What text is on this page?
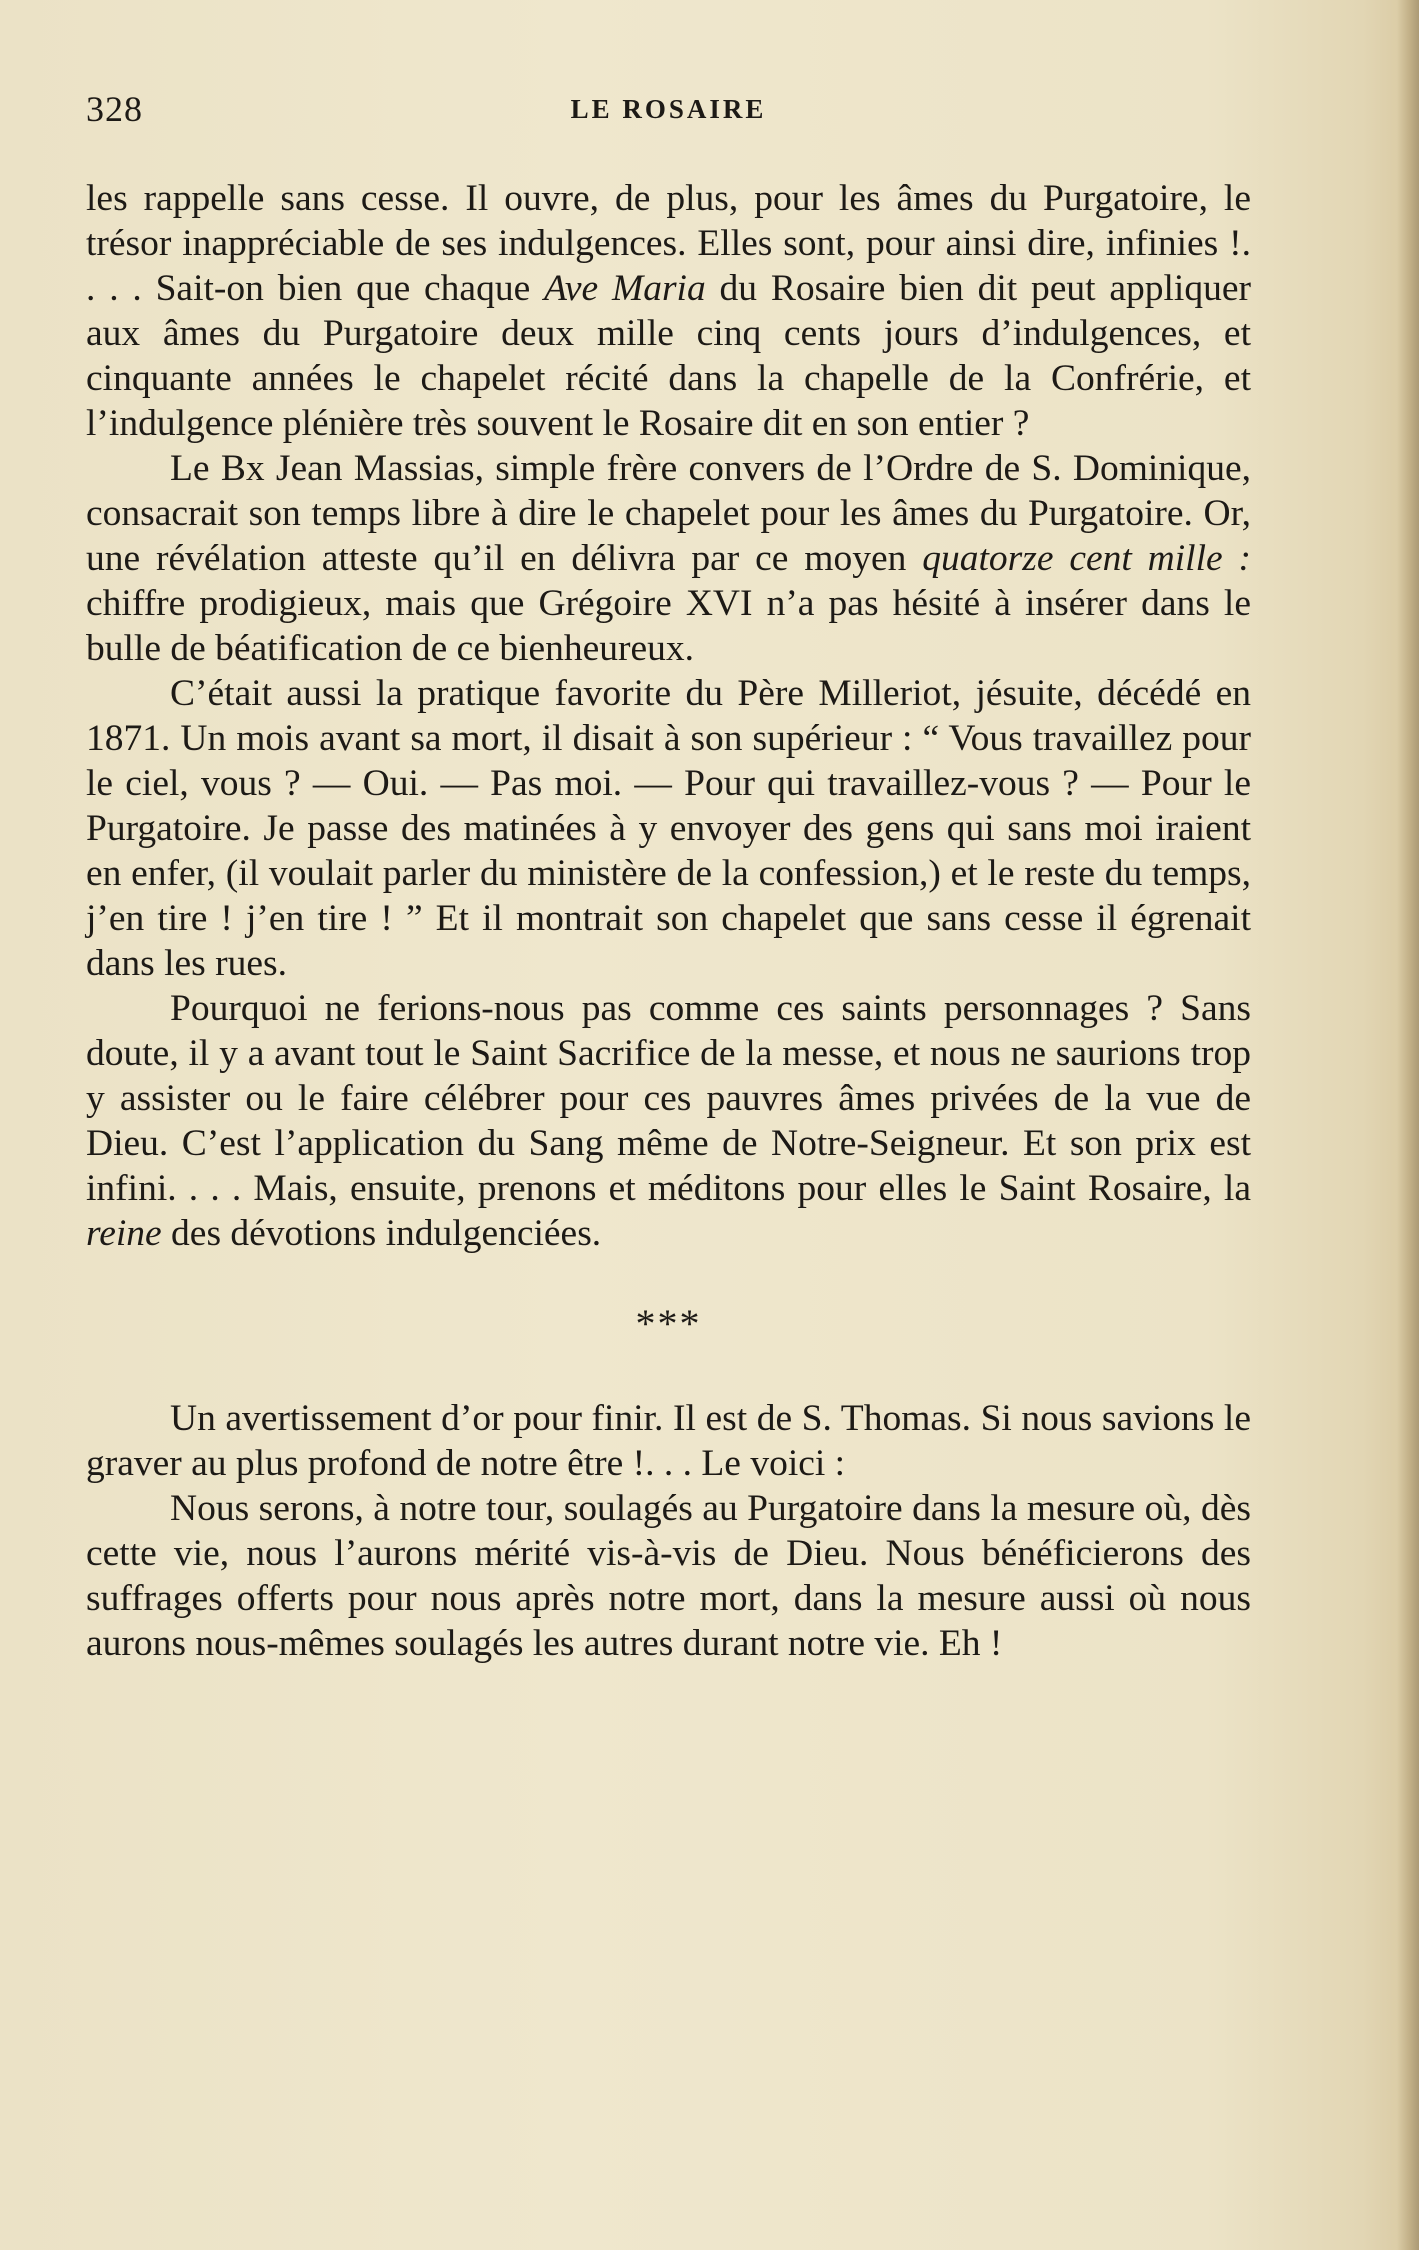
328	LE ROSAIRE

les rappelle sans cesse. Il ouvre, de plus, pour les âmes du Purgatoire, le trésor inappréciable de ses indulgences. Elles sont, pour ainsi dire, infinies !. . . . Sait-on bien que chaque Ave Maria du Rosaire bien dit peut appliquer aux âmes du Purgatoire deux mille cinq cents jours d’indulgences, et cinquante années le chapelet récité dans la chapelle de la Confrérie, et l’indulgence plénière très souvent le Rosaire dit en son entier ?

Le Bx Jean Massias, simple frère convers de l’Ordre de S. Dominique, consacrait son temps libre à dire le chapelet pour les âmes du Purgatoire. Or, une révélation atteste qu’il en délivra par ce moyen quatorze cent mille : chiffre prodigieux, mais que Grégoire XVI n’a pas hésité à insérer dans le bulle de béatification de ce bienheureux.

C’était aussi la pratique favorite du Père Milleriot, jésuite, décédé en 1871. Un mois avant sa mort, il disait à son supérieur : “ Vous travaillez pour le ciel, vous ? — Oui. — Pas moi. — Pour qui travaillez-vous ? — Pour le Purgatoire. Je passe des matinées à y envoyer des gens qui sans moi iraient en enfer, (il voulait parler du ministère de la confession,) et le reste du temps, j’en tire ! j’en tire ! ” Et il montrait son chapelet que sans cesse il égrenait dans les rues.

Pourquoi ne ferions-nous pas comme ces saints personnages ? Sans doute, il y a avant tout le Saint Sacrifice de la messe, et nous ne saurions trop y assister ou le faire célébrer pour ces pauvres âmes privées de la vue de Dieu. C’est l’application du Sang même de Notre-Seigneur. Et son prix est infini. . . . Mais, ensuite, prenons et méditons pour elles le Saint Rosaire, la reine des dévotions indulgenciées.

***

Un avertissement d’or pour finir. Il est de S. Thomas. Si nous savions le graver au plus profond de notre être !. . . Le voici :

Nous serons, à notre tour, soulagés au Purgatoire dans la mesure où, dès cette vie, nous l’aurons mérité vis-à-vis de Dieu. Nous bénéficierons des suffrages offerts pour nous après notre mort, dans la mesure aussi où nous aurons nous-mêmes soulagés les autres durant notre vie. Eh !
